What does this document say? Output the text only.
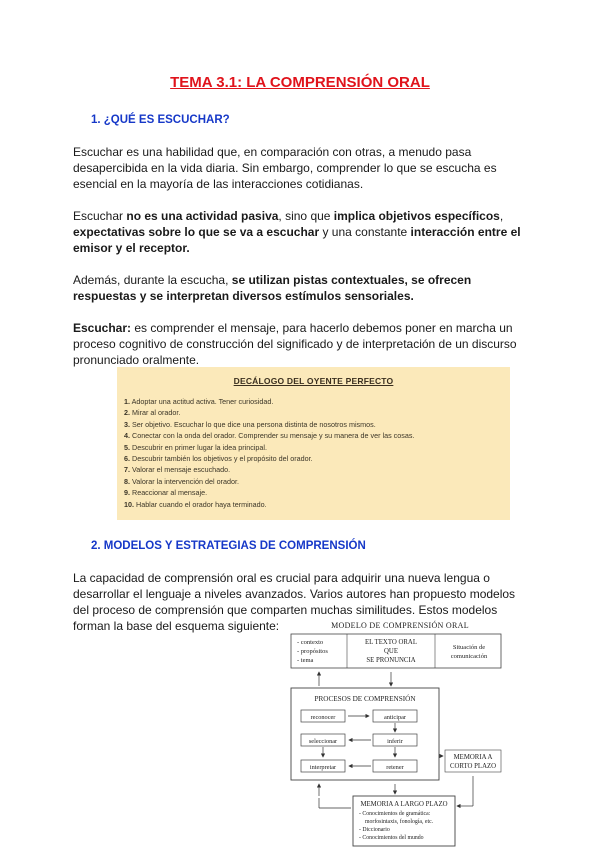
TEMA 3.1: LA COMPRENSIÓN ORAL
1. ¿QUÉ ES ESCUCHAR?
Escuchar es una habilidad que, en comparación con otras, a menudo pasa
desapercibida en la vida diaria. Sin embargo, comprender lo que se escucha es
esencial en la mayoría de las interacciones cotidianas.
Escuchar no es una actividad pasiva, sino que implica objetivos específicos,
expectativas sobre lo que se va a escuchar y una constante interacción entre el
emisor y el receptor.
Además, durante la escucha, se utilizan pistas contextuales, se ofrecen
respuestas y se interpretan diversos estímulos sensoriales.
Escuchar: es comprender el mensaje, para hacerlo debemos poner en marcha un
proceso cognitivo de construcción del significado y de interpretación de un discurso
pronunciado oralmente.
DECÁLOGO DEL OYENTE PERFECTO
1. Adoptar una actitud activa. Tener curiosidad.
2. Mirar al orador.
3. Ser objetivo. Escuchar lo que dice una persona distinta de nosotros mismos.
4. Conectar con la onda del orador. Comprender su mensaje y su manera de ver las cosas.
5. Descubrir en primer lugar la idea principal.
6. Descubrir también los objetivos y el propósito del orador.
7. Valorar el mensaje escuchado.
8. Valorar la intervención del orador.
9. Reaccionar al mensaje.
10. Hablar cuando el orador haya terminado.
2. MODELOS Y ESTRATEGIAS DE COMPRENSIÓN
La capacidad de comprensión oral es crucial para adquirir una nueva lengua o
desarrollar el lenguaje a niveles avanzados. Varios autores han propuesto modelos
del proceso de comprensión que comparten muchas similitudes. Estos modelos
forman la base del esquema siguiente:	MODELO DE COMPRENSIÓN ORAL
- contexto
- propósitos
- tema
EL TEXTO ORAL
QUE
SE PRONUNCIA
Situación de
comunicación
PROCESOS DE COMPRENSIÓN
reconocer	anticipar
seleccionar	inferir
interpretar	retener
MEMORIA A
CORTO PLAZO
MEMORIA A LARGO PLAZO
- Conocimientos de gramática:
morfosintaxis, fonología, etc.
- Diccionario
- Conocimientos del mundo
